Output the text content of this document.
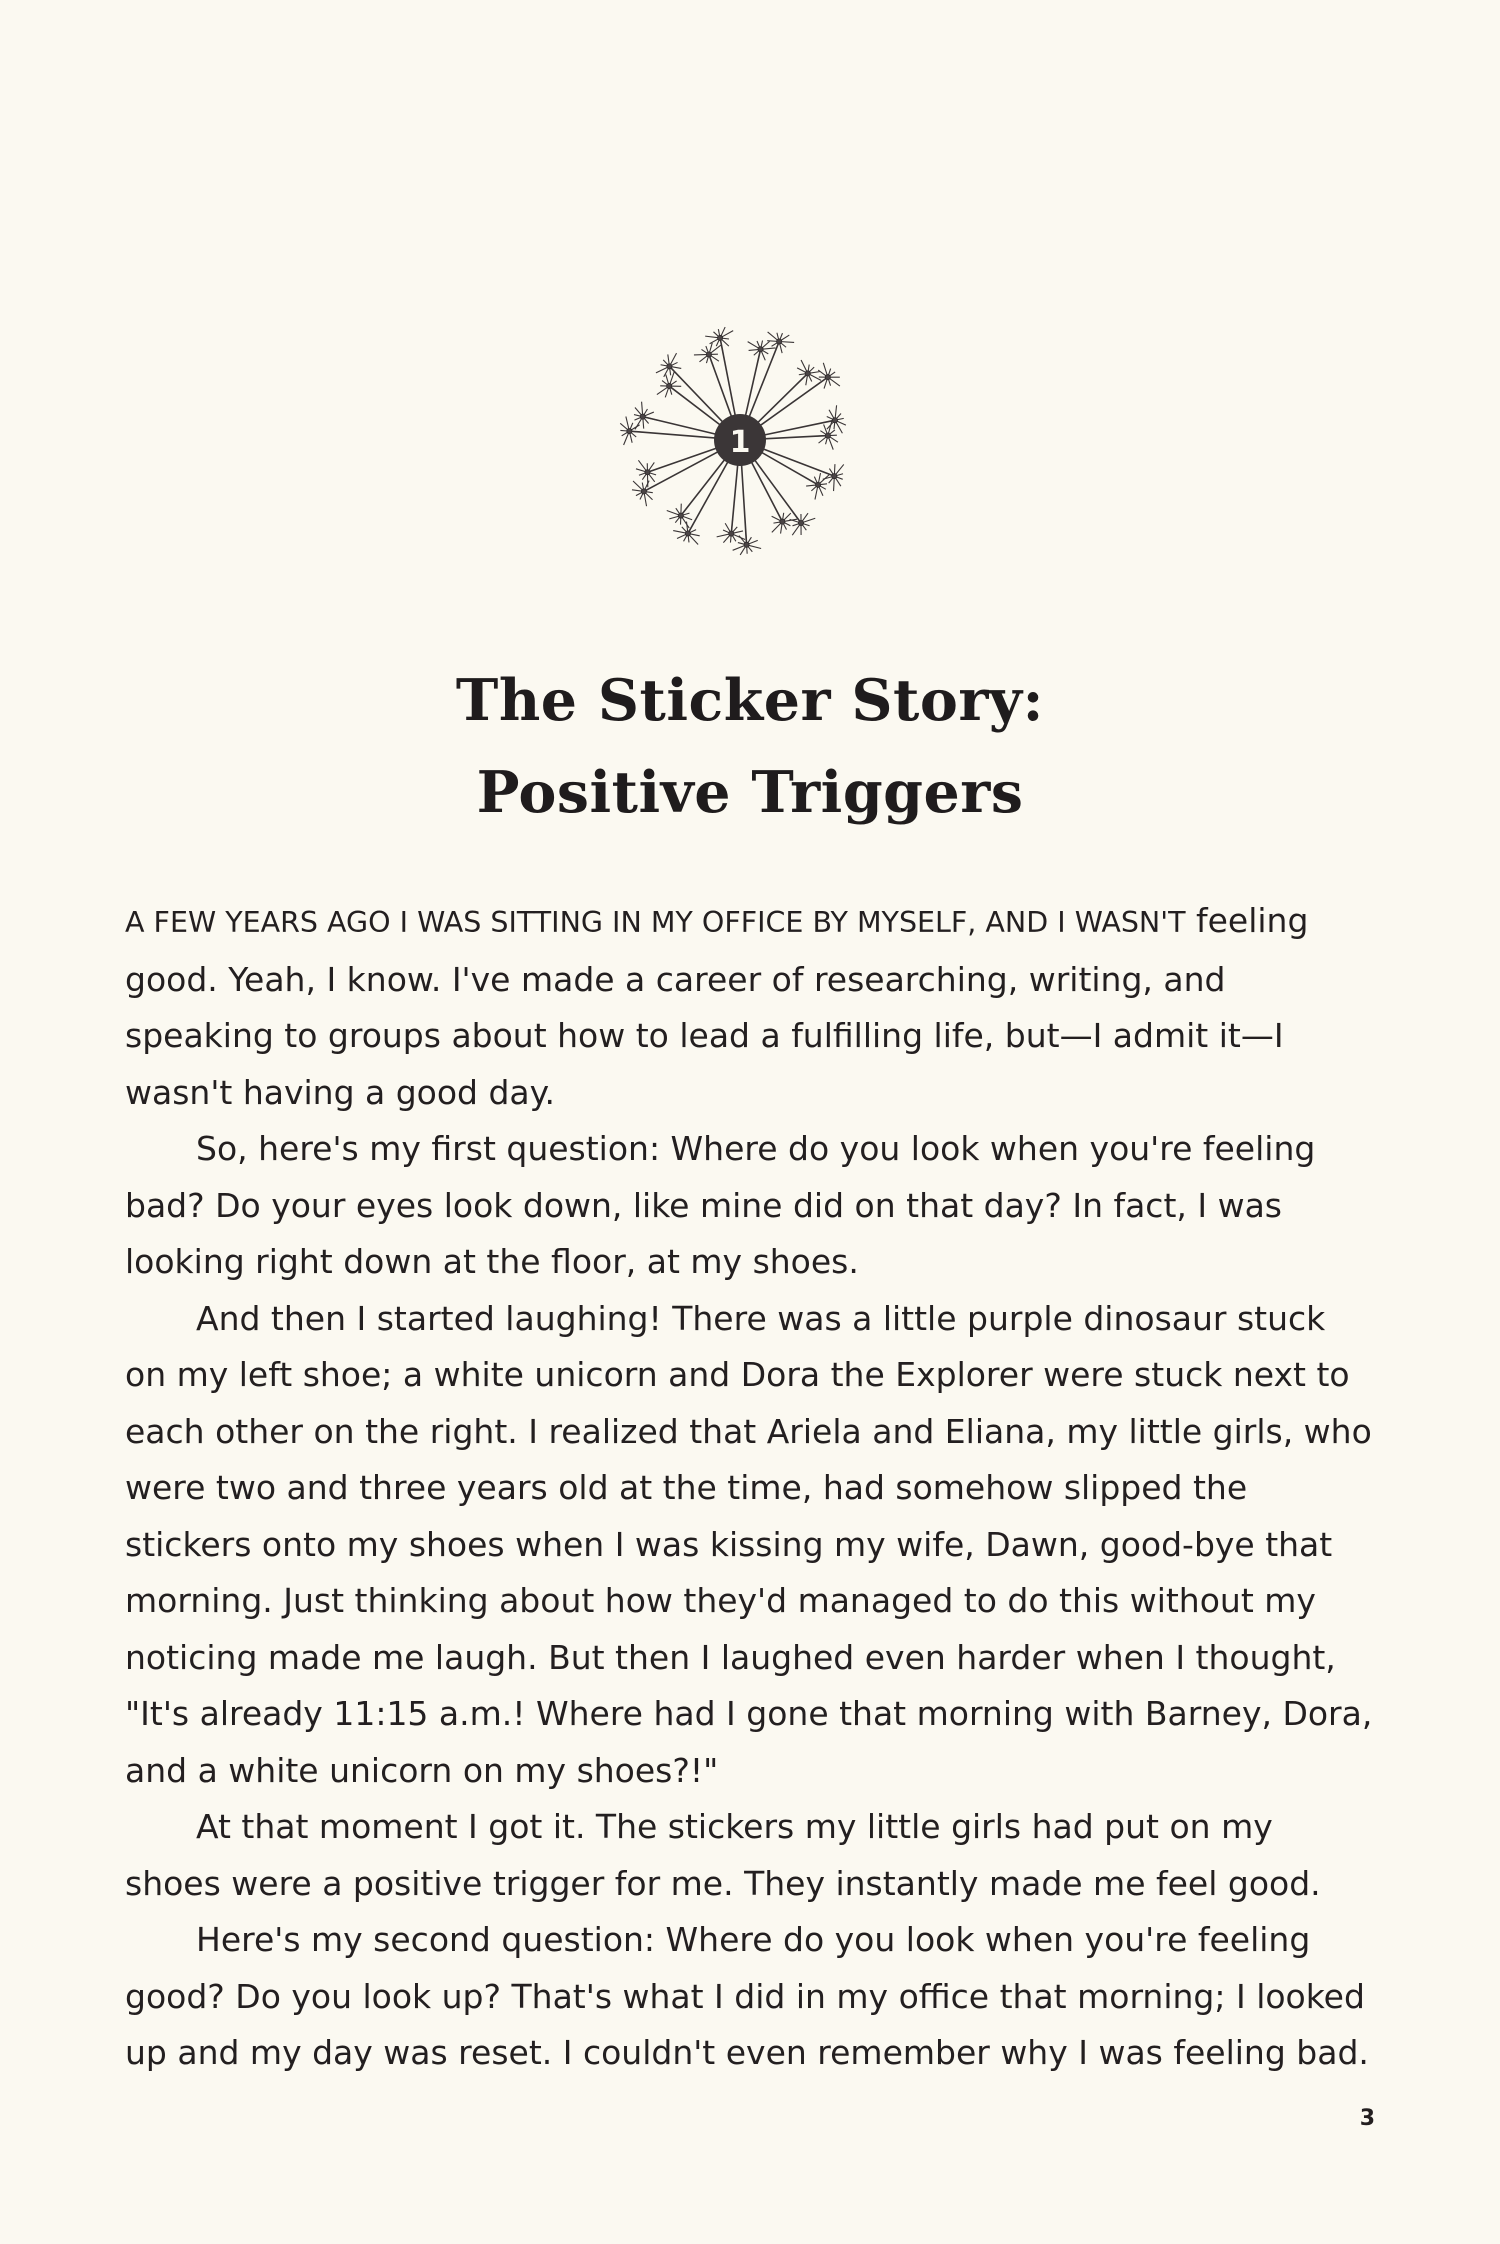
1
The Sticker Story:
Positive Triggers

A FEW YEARS AGO I WAS SITTING IN MY OFFICE BY MYSELF, AND I WASN'T feeling good. Yeah, I know. I've made a career of researching, writing, and speaking to groups about how to lead a fulfilling life, but—I admit it—I wasn't having a good day.

So, here's my first question: Where do you look when you're feeling bad? Do your eyes look down, like mine did on that day? In fact, I was looking right down at the floor, at my shoes.

And then I started laughing! There was a little purple dinosaur stuck on my left shoe; a white unicorn and Dora the Explorer were stuck next to each other on the right. I realized that Ariela and Eliana, my little girls, who were two and three years old at the time, had somehow slipped the stickers onto my shoes when I was kissing my wife, Dawn, good-bye that morning. Just thinking about how they'd managed to do this without my noticing made me laugh. But then I laughed even harder when I thought, "It's already 11:15 a.m.! Where had I gone that morning with Barney, Dora, and a white unicorn on my shoes?!"

At that moment I got it. The stickers my little girls had put on my shoes were a positive trigger for me. They instantly made me feel good.

Here's my second question: Where do you look when you're feeling good? Do you look up? That's what I did in my office that morning; I looked up and my day was reset. I couldn't even remember why I was feeling bad.

3
